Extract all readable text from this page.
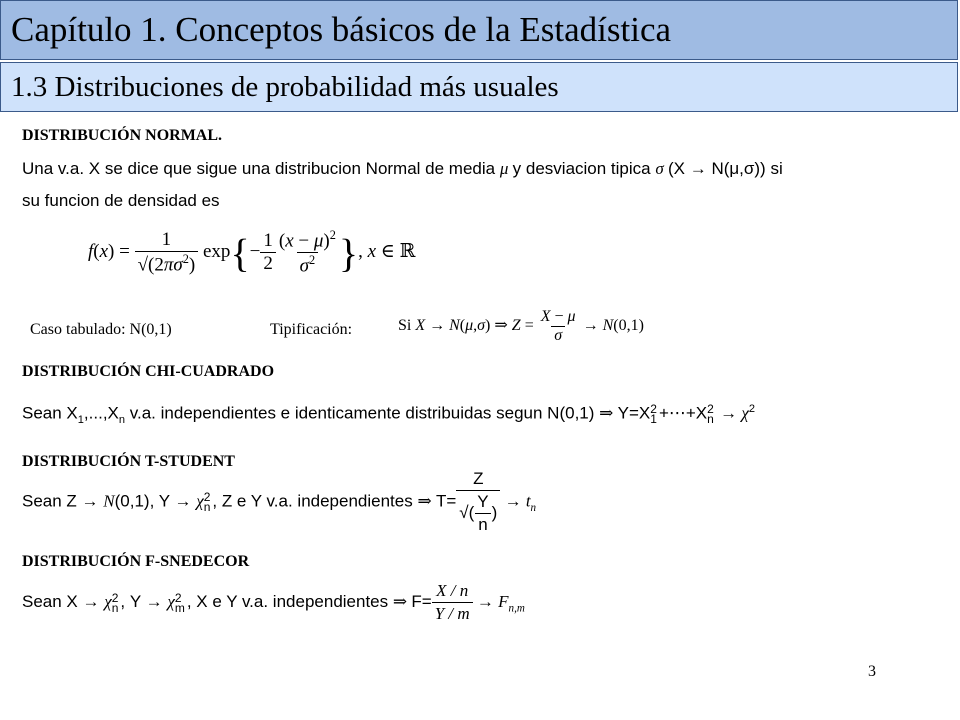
Capítulo 1. Conceptos básicos de la Estadística
1.3 Distribuciones de probabilidad más usuales
DISTRIBUCIÓN NORMAL.
Una v.a. X se dice que sigue una distribucion Normal de media μ y desviacion tipica σ (X → N(μ,σ)) si
su funcion de densidad es
$f(x) = \frac{1}{√(2\pi\sigma^2)} \exp\{- \frac{1}{2} \frac{(x - \mu)^2}{\sigma^2}$ }, x ∈ ℝ
Caso tabulado: N(0,1)	Tipificación:	Si X → N(μ,σ) ⇒ $Z = \frac{X - \mu}{\sigma} \to N(0,1)$
DISTRIBUCIÓN CHI-CUADRADO
Sean $X_1,...,X_n$ v.a. independientes e identicamente distribuidas segun N(0,1) ⇒ Y=X 2
1 +⋯+X 2
$n \to \chi^2$
DISTRIBUCIÓN T-STUDENT
Sean Z → N(0,1), Y → χ 2
n , Z e Y v.a. independientes ⇒ $T= \frac{Z}{√( \frac{Y}{n} )} \to t_n$
DISTRIBUCIÓN F-SNEDECOR
Sean X → χ 2
n , Y → χ 2
m , X e Y v.a. independientes ⇒ $F= \frac{X / n}{Y / m} \to F_{n,m}$
3
